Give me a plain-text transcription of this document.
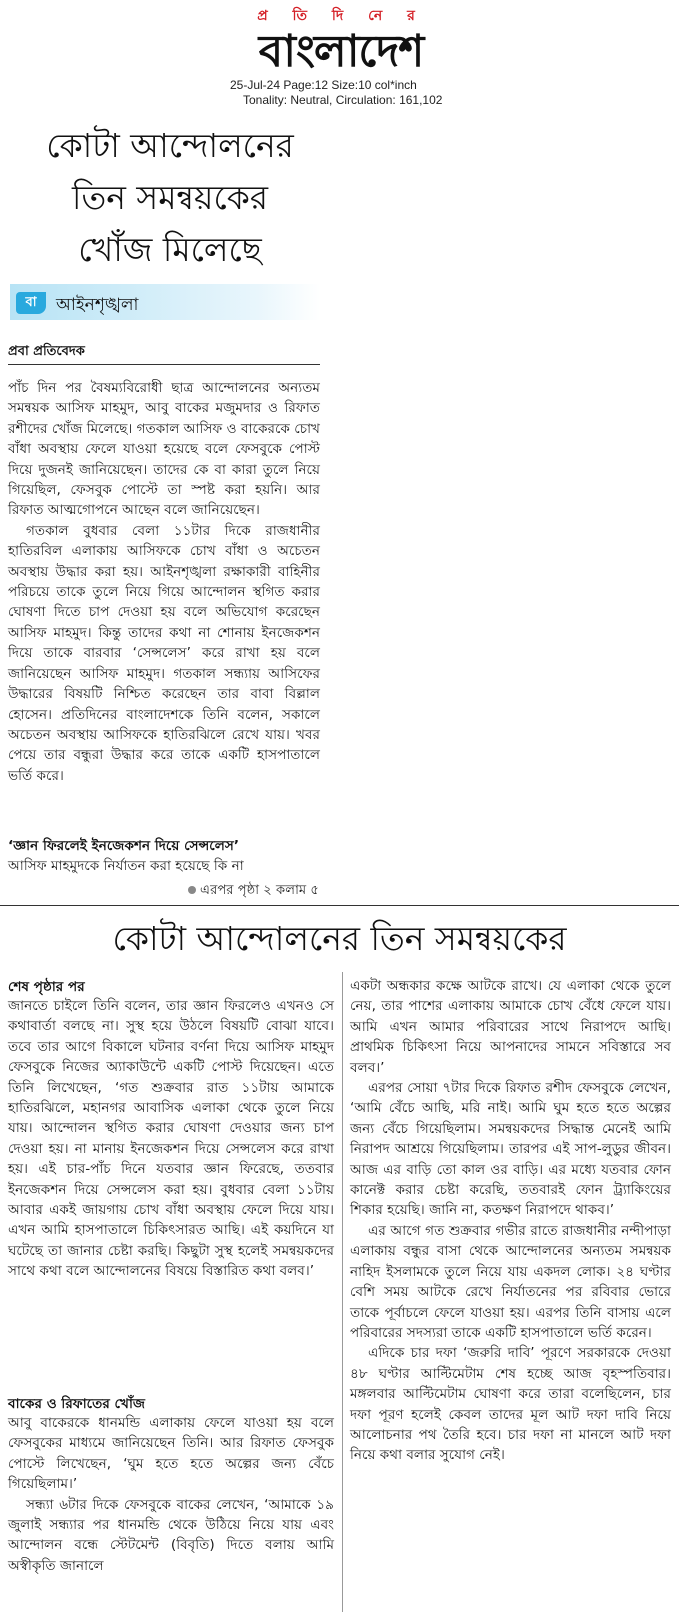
প্র তি দি নে র
বাংলাদেশ
25-Jul-24 Page:12 Size:10 col*inch
Tonality: Neutral, Circulation: 161,102
কোটা আন্দোলনের
তিন সমন্বয়কের
খোঁজ মিলেছে
বা	আইনশৃঙ্খলা
প্রবা প্রতিবেদক

পাঁচ দিন পর বৈষম্যবিরোধী ছাত্র আন্দোলনের অন্যতম সমন্বয়ক আসিফ মাহমুদ, আবু বাকের মজুমদার ও রিফাত রশীদের খোঁজ মিলেছে। গতকাল আসিফ ও বাকেরকে চোখ বাঁধা অবস্থায় ফেলে যাওয়া হয়েছে বলে ফেসবুকে পোস্ট দিয়ে দুজনই জানিয়েছেন। তাদের কে বা কারা তুলে নিয়ে গিয়েছিল, ফেসবুক পোস্টে তা স্পষ্ট করা হয়নি। আর রিফাত আত্মগোপনে আছেন বলে জানিয়েছেন।

গতকাল বুধবার বেলা ১১টার দিকে রাজধানীর হাতিরবিল এলাকায় আসিফকে চোখ বাঁধা ও অচেতন অবস্থায় উদ্ধার করা হয়। আইনশৃঙ্খলা রক্ষাকারী বাহিনীর পরিচয়ে তাকে তুলে নিয়ে গিয়ে আন্দোলন স্থগিত করার ঘোষণা দিতে চাপ দেওয়া হয় বলে অভিযোগ করেছেন আসিফ মাহমুদ। কিন্তু তাদের কথা না শোনায় ইনজেকশন দিয়ে তাকে বারবার ‘সেন্সলেস’ করে রাখা হয় বলে জানিয়েছেন আসিফ মাহমুদ। গতকাল সন্ধ্যায় আসিফের উদ্ধারের বিষয়টি নিশ্চিত করেছেন তার বাবা বিল্লাল হোসেন। প্রতিদিনের বাংলাদেশকে তিনি বলেন, সকালে অচেতন অবস্থায় আসিফকে হাতিরঝিলে রেখে যায়। খবর পেয়ে তার বন্ধুরা উদ্ধার করে তাকে একটি হাসপাতালে ভর্তি করে।

‘জ্ঞান ফিরলেই ইনজেকশন দিয়ে সেন্সলেস’
আসিফ মাহমুদকে নির্যাতন করা হয়েছে কি না
এরপর পৃষ্ঠা ২ কলাম ৫
কোটা আন্দোলনের তিন সমন্বয়কের
শেষ পৃষ্ঠার পর

জানতে চাইলে তিনি বলেন, তার জ্ঞান ফিরলেও এখনও সে কথাবার্তা বলছে না। সুস্থ হয়ে উঠলে বিষয়টি বোঝা যাবে। তবে তার আগে বিকালে ঘটনার বর্ণনা দিয়ে আসিফ মাহমুদ ফেসবুকে নিজের অ্যাকাউন্টে একটি পোস্ট দিয়েছেন। এতে তিনি লিখেছেন, ‘গত শুক্রবার রাত ১১টায় আমাকে হাতিরঝিলে, মহানগর আবাসিক এলাকা থেকে তুলে নিয়ে যায়। আন্দোলন স্থগিত করার ঘোষণা দেওয়ার জন্য চাপ দেওয়া হয়। না মানায় ইনজেকশন দিয়ে সেন্সলেস করে রাখা হয়। এই চার-পাঁচ দিনে যতবার জ্ঞান ফিরেছে, ততবার ইনজেকশন দিয়ে সেন্সলেস করা হয়। বুধবার বেলা ১১টায় আবার একই জায়গায় চোখ বাঁধা অবস্থায় ফেলে দিয়ে যায়। এখন আমি হাসপাতালে চিকিৎসারত আছি। এই কয়দিনে যা ঘটেছে তা জানার চেষ্টা করছি। কিছুটা সুস্থ হলেই সমন্বয়কদের সাথে কথা বলে আন্দোলনের বিষয়ে বিস্তারিত কথা বলব।’

বাকের ও রিফাতের খোঁজ

আবু বাকেরকে ধানমন্ডি এলাকায় ফেলে যাওয়া হয় বলে ফেসবুকের মাধ্যমে জানিয়েছেন তিনি। আর রিফাত ফেসবুক পোস্টে লিখেছেন, ‘ঘুম হতে হতে অল্পের জন্য বেঁচে গিয়েছিলাম।’

সন্ধ্যা ৬টার দিকে ফেসবুকে বাকের লেখেন, ‘আমাকে ১৯ জুলাই সন্ধ্যার পর ধানমন্ডি থেকে উঠিয়ে নিয়ে যায় এবং আন্দোলন বন্ধে স্টেটমেন্ট (বিবৃতি) দিতে বলায় আমি অস্বীকৃতি জানালে

একটা অন্ধকার কক্ষে আটকে রাখে। যে এলাকা থেকে তুলে নেয়, তার পাশের এলাকায় আমাকে চোখ বেঁধে ফেলে যায়। আমি এখন আমার পরিবারের সাথে নিরাপদে আছি। প্রাথমিক চিকিৎসা নিয়ে আপনাদের সামনে সবিস্তারে সব বলব।’

এরপর সোয়া ৭টার দিকে রিফাত রশীদ ফেসবুকে লেখেন, ‘আমি বেঁচে আছি, মরি নাই। আমি ঘুম হতে হতে অল্পের জন্য বেঁচে গিয়েছিলাম। সমন্বয়কদের সিদ্ধান্ত মেনেই আমি নিরাপদ আশ্রয়ে গিয়েছিলাম। তারপর এই সাপ-লুডুর জীবন। আজ এর বাড়ি তো কাল ওর বাড়ি। এর মধ্যে যতবার ফোন কানেক্ট করার চেষ্টা করেছি, ততবারই ফোন ট্র্যাকিংয়ের শিকার হয়েছি। জানি না, কতক্ষণ নিরাপদে থাকব।’

এর আগে গত শুক্রবার গভীর রাতে রাজধানীর নন্দীপাড়া এলাকায় বন্ধুর বাসা থেকে আন্দোলনের অন্যতম সমন্বয়ক নাহিদ ইসলামকে তুলে নিয়ে যায় একদল লোক। ২৪ ঘণ্টার বেশি সময় আটকে রেখে নির্যাতনের পর রবিবার ভোরে তাকে পূর্বাচলে ফেলে যাওয়া হয়। এরপর তিনি বাসায় এলে পরিবারের সদস্যরা তাকে একটি হাসপাতালে ভর্তি করেন।

এদিকে চার দফা ‘জরুরি দাবি’ পূরণে সরকারকে দেওয়া ৪৮ ঘণ্টার আল্টিমেটাম শেষ হচ্ছে আজ বৃহস্পতিবার। মঙ্গলবার আল্টিমেটাম ঘোষণা করে তারা বলেছিলেন, চার দফা পূরণ হলেই কেবল তাদের মূল আট দফা দাবি নিয়ে আলোচনার পথ তৈরি হবে। চার দফা না মানলে আট দফা নিয়ে কথা বলার সুযোগ নেই।
